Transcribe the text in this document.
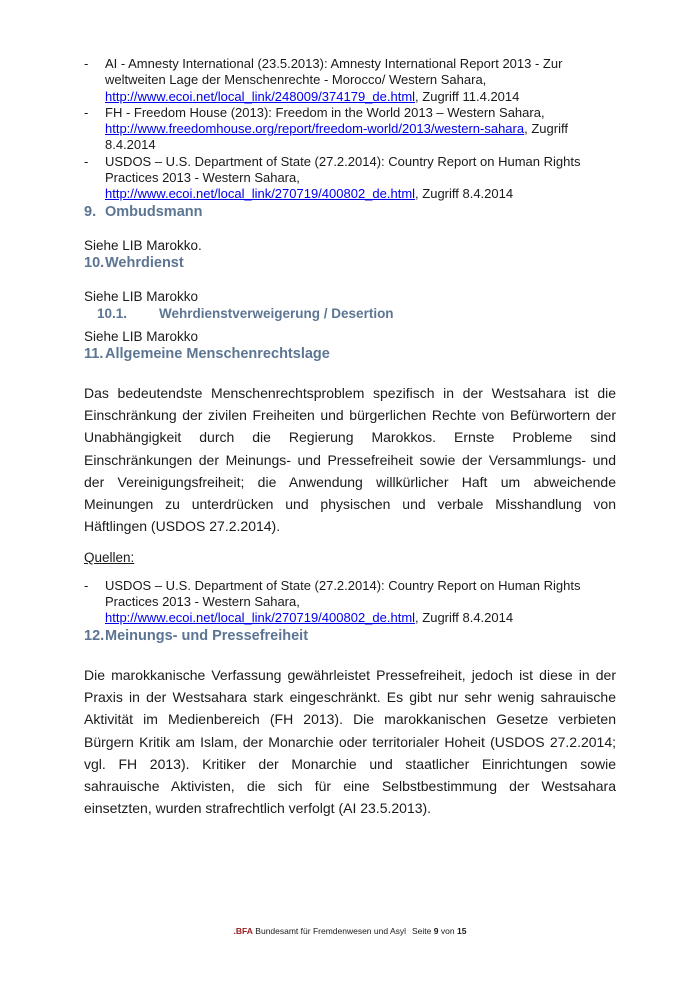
- AI - Amnesty International (23.5.2013): Amnesty International Report 2013 - Zur weltweiten Lage der Menschenrechte - Morocco/ Western Sahara, http://www.ecoi.net/local_link/248009/374179_de.html, Zugriff 11.4.2014
- FH - Freedom House (2013): Freedom in the World 2013 – Western Sahara, http://www.freedomhouse.org/report/freedom-world/2013/western-sahara, Zugriff 8.4.2014
- USDOS – U.S. Department of State (27.2.2014): Country Report on Human Rights Practices 2013 - Western Sahara, http://www.ecoi.net/local_link/270719/400802_de.html, Zugriff 8.4.2014
9. Ombudsmann

Siehe LIB Marokko.

10.Wehrdienst

Siehe LIB Marokko

10.1. Wehrdienstverweigerung / Desertion

Siehe LIB Marokko

11. Allgemeine Menschenrechtslage

Das bedeutendste Menschenrechtsproblem spezifisch in der Westsahara ist die Einschränkung der zivilen Freiheiten und bürgerlichen Rechte von Befürwortern der Unabhängigkeit durch die Regierung Marokkos. Ernste Probleme sind Einschränkungen der Meinungs- und Pressefreiheit sowie der Versammlungs- und der Vereinigungsfreiheit; die Anwendung willkürlicher Haft um abweichende Meinungen zu unterdrücken und physischen und verbale Misshandlung von Häftlingen (USDOS 27.2.2014).

Quellen:

- USDOS – U.S. Department of State (27.2.2014): Country Report on Human Rights Practices 2013 - Western Sahara, http://www.ecoi.net/local_link/270719/400802_de.html, Zugriff 8.4.2014
12.Meinungs- und Pressefreiheit

Die marokkanische Verfassung gewährleistet Pressefreiheit, jedoch ist diese in der Praxis in der Westsahara stark eingeschränkt. Es gibt nur sehr wenig sahrauische Aktivität im Medienbereich (FH 2013). Die marokkanischen Gesetze verbieten Bürgern Kritik am Islam, der Monarchie oder territorialer Hoheit (USDOS 27.2.2014; vgl. FH 2013). Kritiker der Monarchie und staatlicher Einrichtungen sowie sahrauische Aktivisten, die sich für eine Selbstbestimmung der Westsahara einsetzten, wurden strafrechtlich verfolgt (AI 23.5.2013).

.BFA Bundesamt für Fremdenwesen und Asyl Seite 9 von 15
